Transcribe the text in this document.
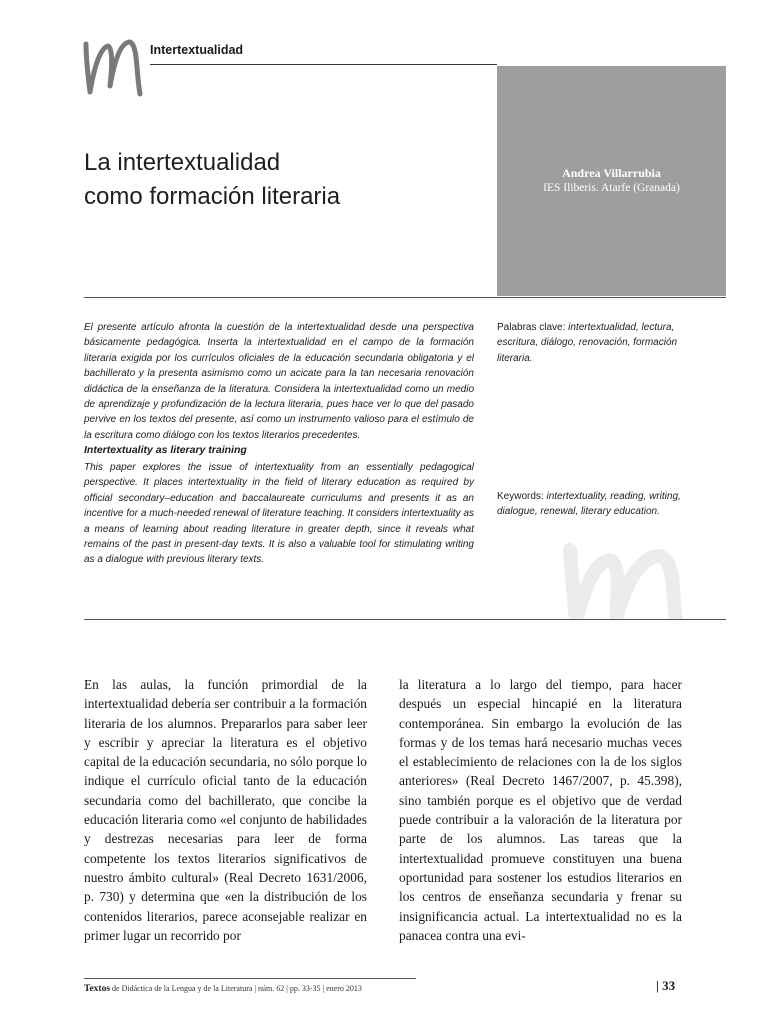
Intertextualidad
Andrea Villarrubia
IES Iliberis. Atarfe (Granada)
La intertextualidad
como formación literaria
El presente artículo afronta la cuestión de la intertextualidad desde una perspectiva básicamente pedagógica. Inserta la intertextualidad en el campo de la formación literaria exigida por los currículos oficiales de la educación secundaria obligatoria y el bachillerato y la presenta asimismo como un acicate para la tan necesaria renovación didáctica de la enseñanza de la literatura. Considera la intertextualidad como un medio de aprendizaje y profundización de la lectura literaria, pues hace ver lo que del pasado pervive en los textos del presente, así como un instrumento valioso para el estímulo de la escritura como diálogo con los textos literarios precedentes.
Palabras clave: intertextualidad, lectura, escritura, diálogo, renovación, formación literaria.
Intertextuality as literary training
This paper explores the issue of intertextuality from an essentially pedagogical perspective. It places intertextuality in the field of literary education as required by official secondary–education and baccalaureate curriculums and presents it as an incentive for a much-needed renewal of literature teaching. It considers intertextuality as a means of learning about reading literature in greater depth, since it reveals what remains of the past in present-day texts. It is also a valuable tool for stimulating writing as a dialogue with previous literary texts.
Keywords: intertextuality, reading, writing, dialogue, renewal, literary education.
En las aulas, la función primordial de la intertextualidad debería ser contribuir a la formación literaria de los alumnos. Prepararlos para saber leer y escribir y apreciar la literatura es el objetivo capital de la educación secundaria, no sólo porque lo indique el currículo oficial tanto de la educación secundaria como del bachillerato, que concibe la educación literaria como «el conjunto de habilidades y destrezas necesarias para leer de forma competente los textos literarios significativos de nuestro ámbito cultural» (Real Decreto 1631/2006, p. 730) y determina que «en la distribución de los contenidos literarios, parece aconsejable realizar en primer lugar un recorrido por
la literatura a lo largo del tiempo, para hacer después un especial hincapié en la literatura contemporánea. Sin embargo la evolución de las formas y de los temas hará necesario muchas veces el establecimiento de relaciones con la de los siglos anteriores» (Real Decreto 1467/2007, p. 45.398), sino también porque es el objetivo que de verdad puede contribuir a la valoración de la literatura por parte de los alumnos. Las tareas que la intertextualidad promueve constituyen una buena oportunidad para sostener los estudios literarios en los centros de enseñanza secundaria y frenar su insignificancia actual. La intertextualidad no es la panacea contra una evi-
Textos de Didáctica de la Lengua y de la Literatura | núm. 62 | pp. 33-35 | enero 2013	| 33
